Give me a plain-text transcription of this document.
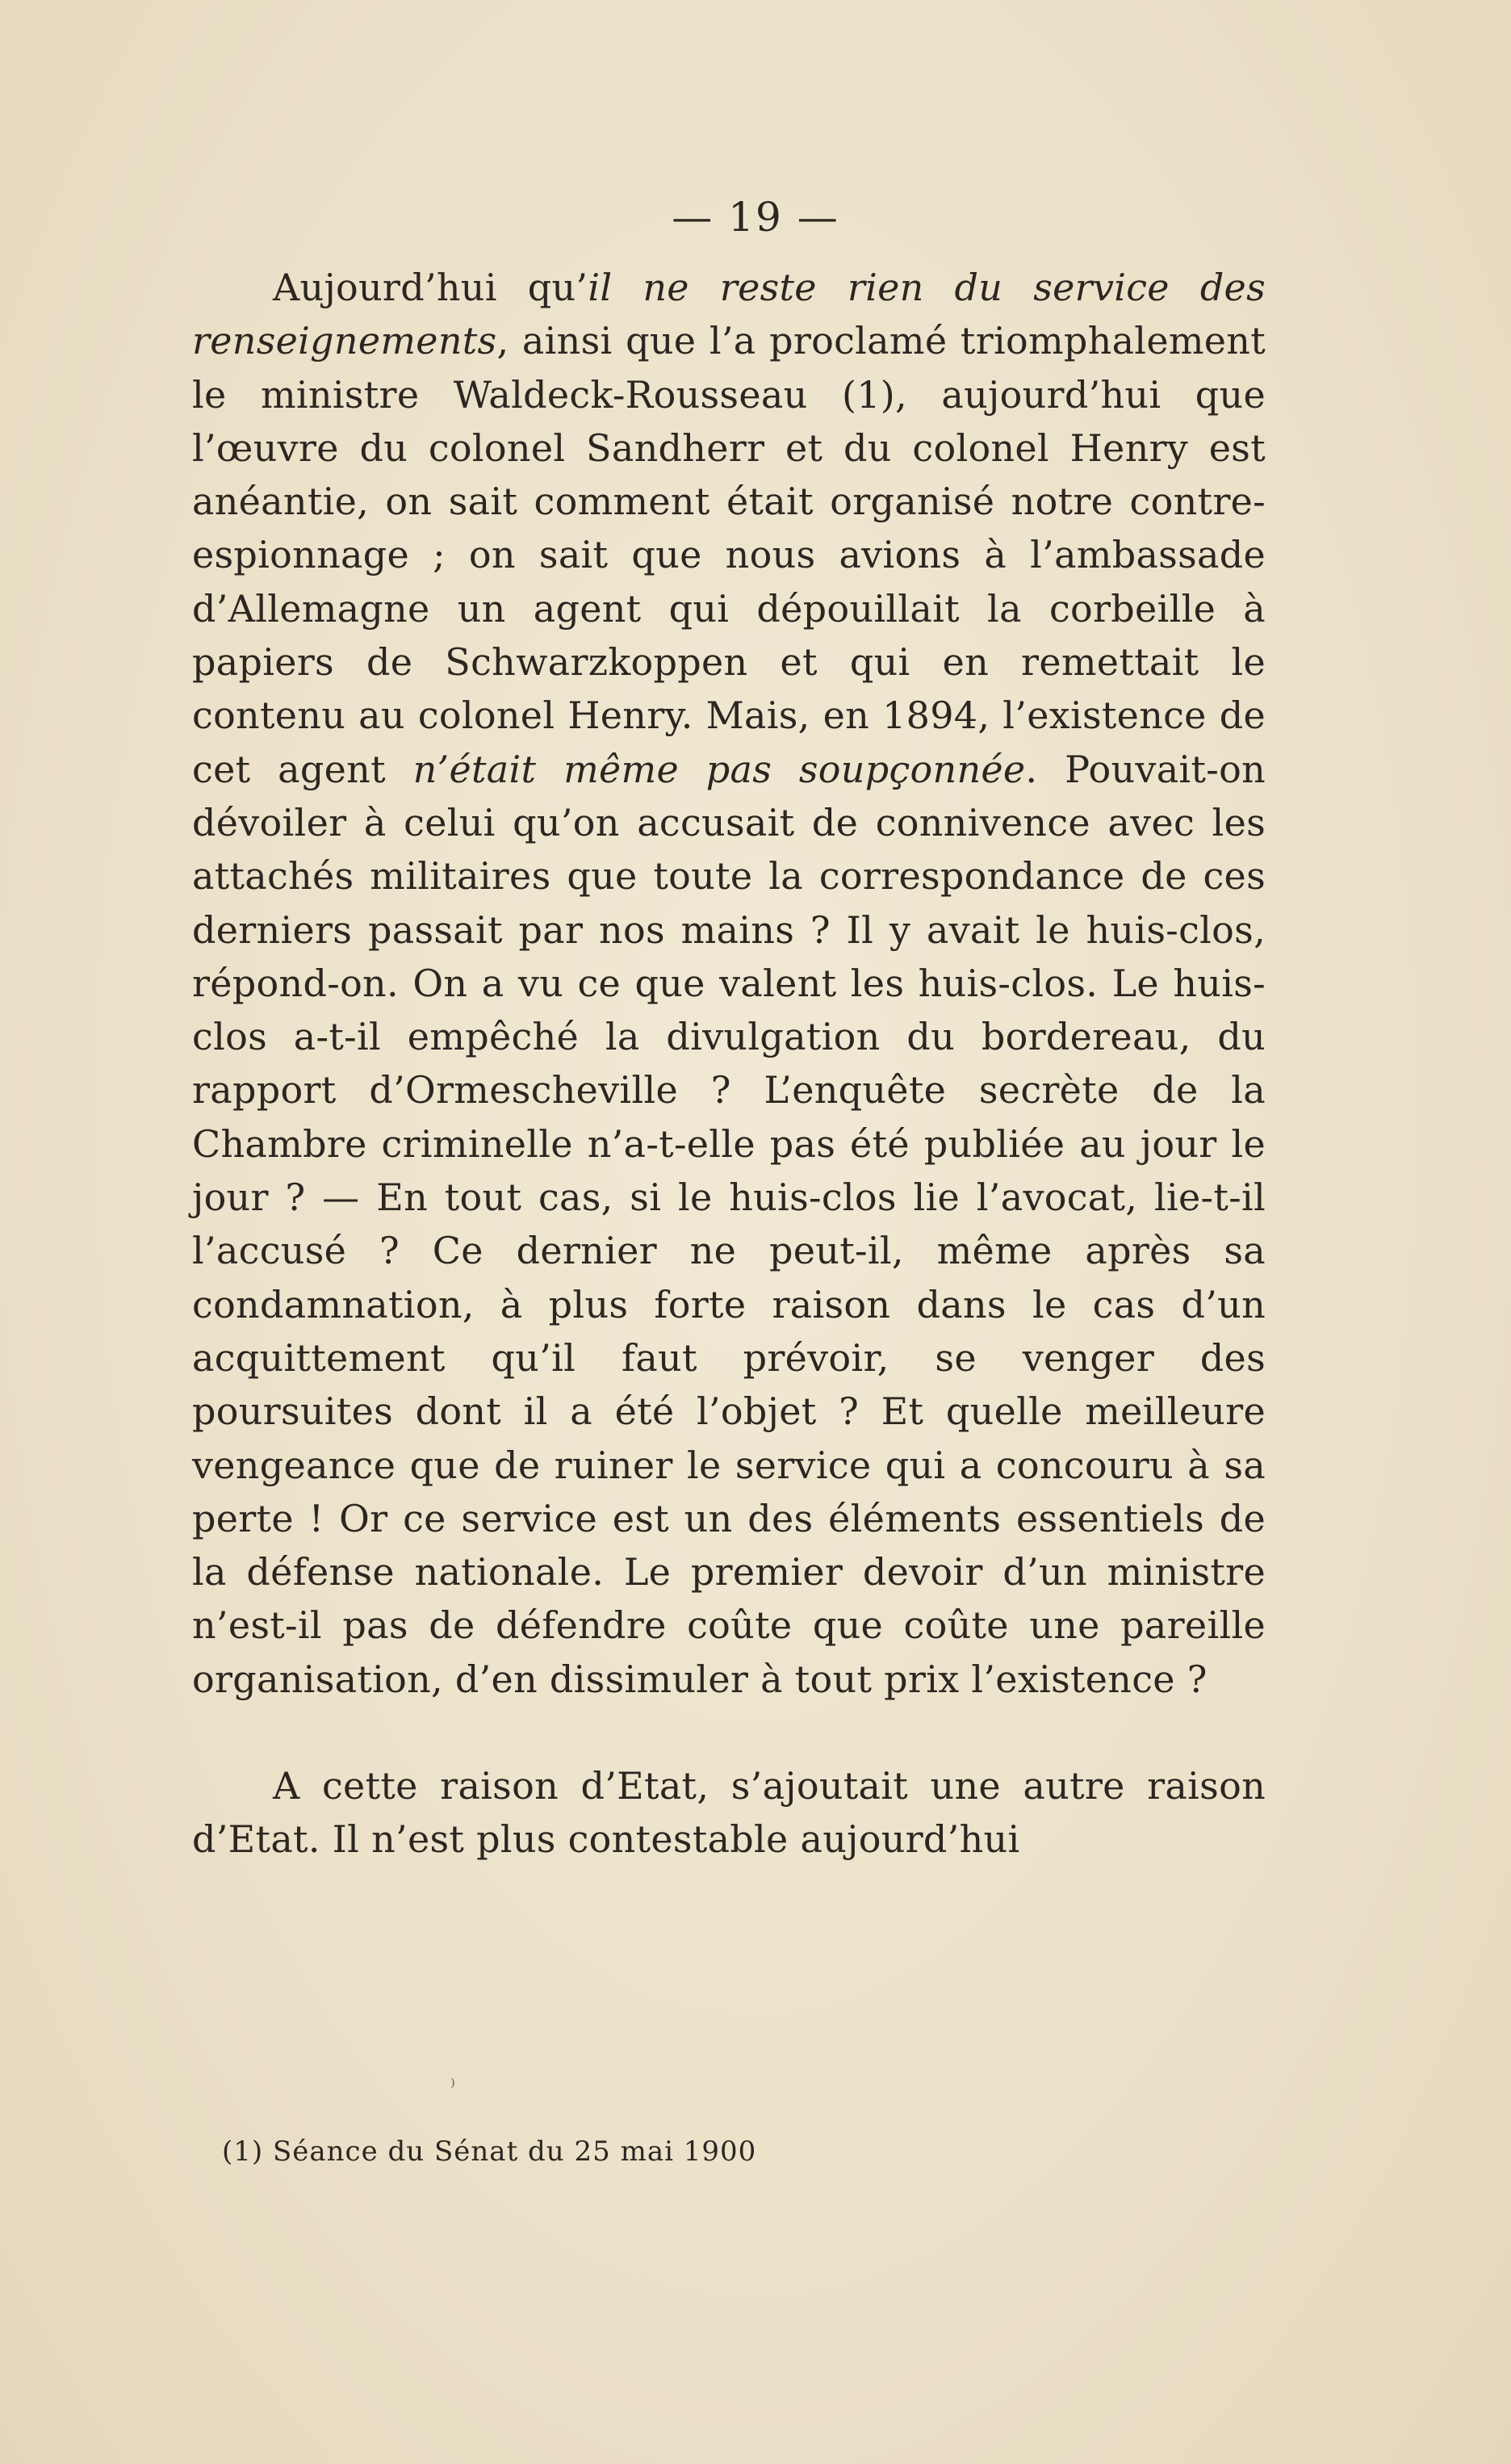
— 19 —

Aujourd’hui qu’il ne reste rien du service des renseignements, ainsi que l’a proclamé triomphalement le ministre Waldeck-Rousseau (1), aujourd’hui que l’œuvre du colonel Sandherr et du colonel Henry est anéantie, on sait comment était organisé notre contre-espionnage ; on sait que nous avions à l’ambassade d’Allemagne un agent qui dépouillait la corbeille à papiers de Schwarzkoppen et qui en remettait le contenu au colonel Henry. Mais, en 1894, l’existence de cet agent n’était même pas soupçonnée. Pouvait-on dévoiler à celui qu’on accusait de connivence avec les attachés militaires que toute la correspondance de ces derniers passait par nos mains ? Il y avait le huis-clos, répond-on. On a vu ce que valent les huis-clos. Le huis-clos a-t-il empêché la divulgation du bordereau, du rapport d’Ormescheville ? L’enquête secrète de la Chambre criminelle n’a-t-elle pas été publiée au jour le jour ? — En tout cas, si le huis-clos lie l’avocat, lie-t-il l’accusé ? Ce dernier ne peut-il, même après sa condamnation, à plus forte raison dans le cas d’un acquittement qu’il faut prévoir, se venger des poursuites dont il a été l’objet ? Et quelle meilleure vengeance que de ruiner le service qui a concouru à sa perte ! Or ce service est un des éléments essentiels de la défense nationale. Le premier devoir d’un ministre n’est-il pas de défendre coûte que coûte une pareille organisation, d’en dissimuler à tout prix l’existence ?

A cette raison d’Etat, s’ajoutait une autre raison d’Etat. Il n’est plus contestable aujourd’hui

⁾
(1) Séance du Sénat du 25 mai 1900
